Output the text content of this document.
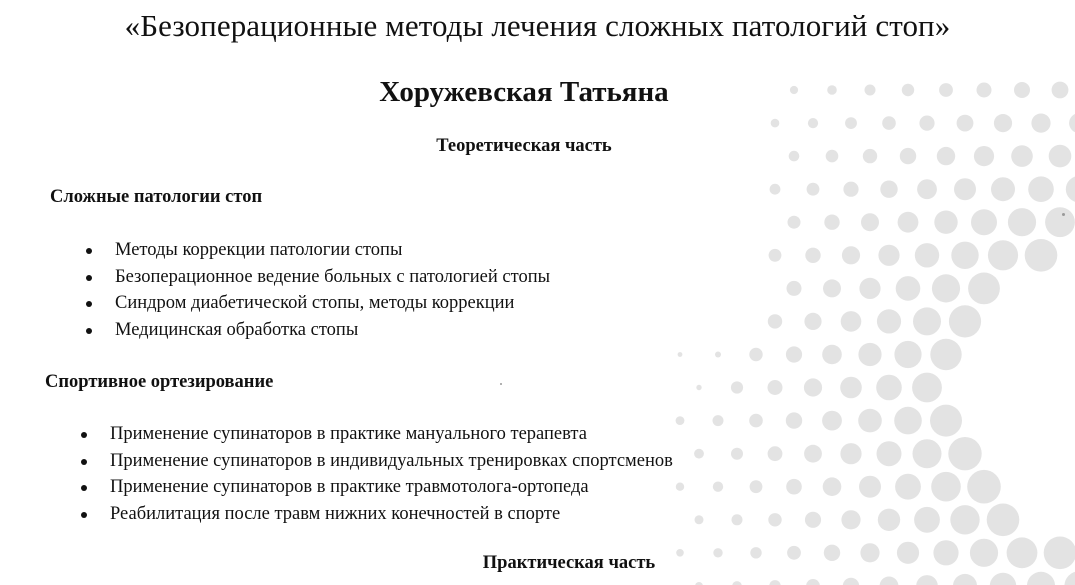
«Безоперационные методы лечения сложных патологий стоп»
Хоружевская Татьяна
Теоретическая часть
Сложные патологии стоп
Методы коррекции патологии стопы
Безоперационное ведение больных с патологией стопы
Синдром диабетической стопы, методы коррекции
Медицинская обработка стопы
Спортивное ортезирование
Применение супинаторов в практике мануального терапевта
Применение супинаторов в индивидуальных тренировках спортсменов
Применение супинаторов в практике травмотолога-ортопеда
Реабилитация после травм нижних конечностей в спорте
Практическая часть
